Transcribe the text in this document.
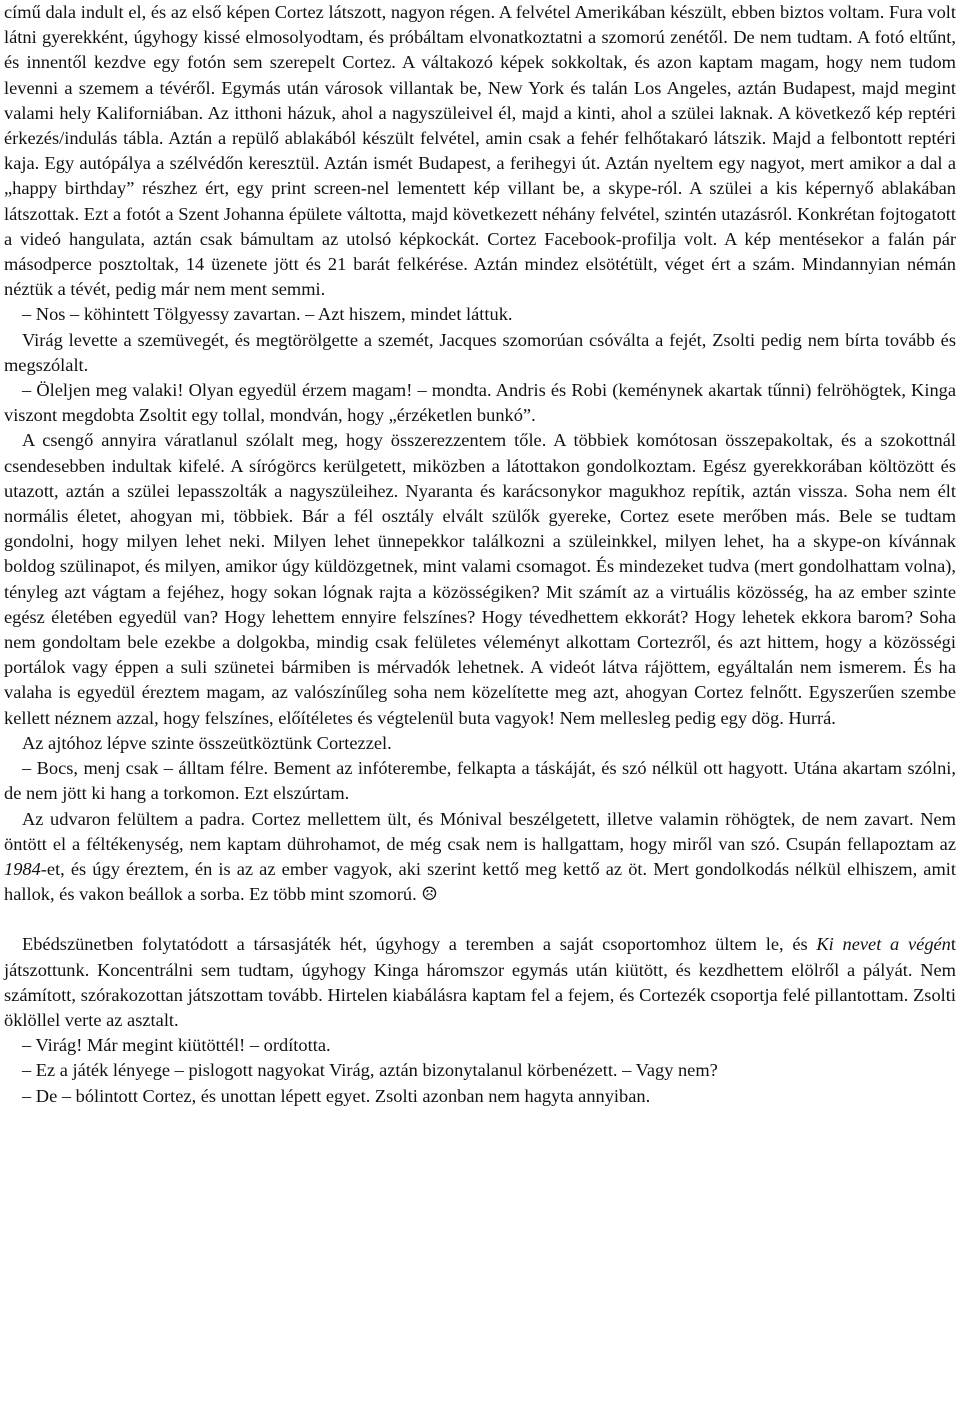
című dala indult el, és az első képen Cortez látszott, nagyon régen. A felvétel Amerikában készült, ebben biztos voltam. Fura volt látni gyerekként, úgyhogy kissé elmosolyodtam, és próbáltam elvonatkoztatni a szomorú zenétől. De nem tudtam. A fotó eltűnt, és innentől kezdve egy fotón sem szerepelt Cortez. A váltakozó képek sokkoltak, és azon kaptam magam, hogy nem tudom levenni a szemem a tévéről. Egymás után városok villantak be, New York és talán Los Angeles, aztán Budapest, majd megint valami hely Kaliforniában. Az itthoni házuk, ahol a nagyszüleivel él, majd a kinti, ahol a szülei laknak. A következő kép reptéri érkezés/indulás tábla. Aztán a repülő ablakából készült felvétel, amin csak a fehér felhőtakaró látszik. Majd a felbontott reptéri kaja. Egy autópálya a szélvédőn keresztül. Aztán ismét Budapest, a ferihegyi út. Aztán nyeltem egy nagyot, mert amikor a dal a „happy birthday” részhez ért, egy print screen-nel lementett kép villant be, a skype-ról. A szülei a kis képernyő ablakában látszottak. Ezt a fotót a Szent Johanna épülete váltotta, majd következett néhány felvétel, szintén utazásról. Konkrétan fojtogatott a videó hangulata, aztán csak bámultam az utolsó képkockát. Cortez Facebook-profilja volt. A kép mentésekor a falán pár másodperce posztoltak, 14 üzenete jött és 21 barát felkérése. Aztán mindez elsötétült, véget ért a szám. Mindannyian némán néztük a tévét, pedig már nem ment semmi.

– Nos – köhintett Tölgyessy zavartan. – Azt hiszem, mindet láttuk.

Virág levette a szemüvegét, és megtörölgette a szemét, Jacques szomorúan csóválta a fejét, Zsolti pedig nem bírta tovább és megszólalt.

– Öleljen meg valaki! Olyan egyedül érzem magam! – mondta. Andris és Robi (keménynek akartak tűnni) felröhögtek, Kinga viszont megdobta Zsoltit egy tollal, mondván, hogy „érzéketlen bunkó”.

A csengő annyira váratlanul szólalt meg, hogy összerezzentem tőle. A többiek komótosan összepakoltak, és a szokottnál csendesebben indultak kifelé. A sírógörcs kerülgetett, miközben a látottakon gondolkoztam. Egész gyerekkorában költözött és utazott, aztán a szülei lepasszolták a nagyszüleihez. Nyaranta és karácsonykor magukhoz repítik, aztán vissza. Soha nem élt normális életet, ahogyan mi, többiek. Bár a fél osztály elvált szülők gyereke, Cortez esete merőben más. Bele se tudtam gondolni, hogy milyen lehet neki. Milyen lehet ünnepekkor találkozni a szüleinkkel, milyen lehet, ha a skype-on kívánnak boldog szülinapot, és milyen, amikor úgy küldözgetnek, mint valami csomagot. És mindezeket tudva (mert gondolhattam volna), tényleg azt vágtam a fejéhez, hogy sokan lógnak rajta a közösségiken? Mit számít az a virtuális közösség, ha az ember szinte egész életében egyedül van? Hogy lehettem ennyire felszínes? Hogy tévedhettem ekkorát? Hogy lehetek ekkora barom? Soha nem gondoltam bele ezekbe a dolgokba, mindig csak felületes véleményt alkottam Cortezről, és azt hittem, hogy a közösségi portálok vagy éppen a suli szünetei bármiben is mérvadók lehetnek. A videót látva rájöttem, egyáltalán nem ismerem. És ha valaha is egyedül éreztem magam, az valószínűleg soha nem közelítette meg azt, ahogyan Cortez felnőtt. Egyszerűen szembe kellett néznem azzal, hogy felszínes, előítéletes és végtelenül buta vagyok! Nem mellesleg pedig egy dög. Hurrá.

Az ajtóhoz lépve szinte összeütköztünk Cortezzel.

– Bocs, menj csak – álltam félre. Bement az infóterembe, felkapta a táskáját, és szó nélkül ott hagyott. Utána akartam szólni, de nem jött ki hang a torkomon. Ezt elszúrtam.

Az udvaron felültem a padra. Cortez mellettem ült, és Mónival beszélgetett, illetve valamin röhögtek, de nem zavart. Nem öntött el a féltékenység, nem kaptam dührohamot, de még csak nem is hallgattam, hogy miről van szó. Csupán fellapoztam az 1984-et, és úgy éreztem, én is az az ember vagyok, aki szerint kettő meg kettő az öt. Mert gondolkodás nélkül elhiszem, amit hallok, és vakon beállok a sorba. Ez több mint szomorú. ☹

Ebédszünetben folytatódott a társasjáték hét, úgyhogy a teremben a saját csoportomhoz ültem le, és Ki nevet a végént játszottunk. Koncentrálni sem tudtam, úgyhogy Kinga háromszor egymás után kiütött, és kezdhettem elölről a pályát. Nem számított, szórakozottan játszottam tovább. Hirtelen kiabálásra kaptam fel a fejem, és Cortezék csoportja felé pillantottam. Zsolti öklöllel verte az asztalt.

– Virág! Már megint kiütöttél! – ordította.

– Ez a játék lényege – pislogott nagyokat Virág, aztán bizonytalanul körbenézett. – Vagy nem?

– De – bólintott Cortez, és unottan lépett egyet. Zsolti azonban nem hagyta annyiban.
